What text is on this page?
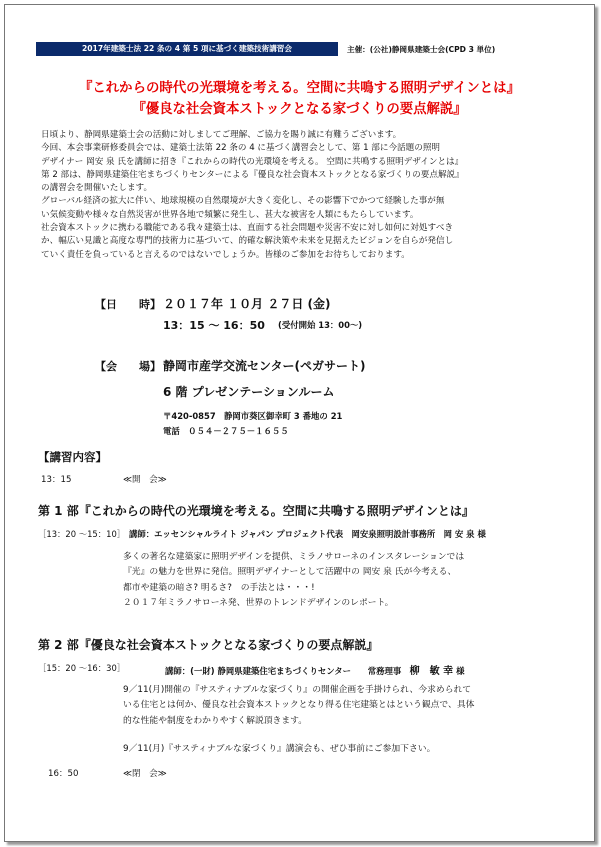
2017年建築士法 22 条の 4 第 5 項に基づく建築技術講習会	主催：(公社)静岡県建築士会(CPD 3 単位)
『これからの時代の光環境を考える。空間に共鳴する照明デザインとは』
『優良な社会資本ストックとなる家づくりの要点解説』
日頃より、静岡県建築士会の活動に対しましてご理解、ご協力を賜り誠に有難うございます。
今回、本会事業研修委員会では、建築士法第 22 条の 4 に基づく講習会として、第 1 部に今話題の照明
デザイナー 岡安 泉 氏を講師に招き『これからの時代の光環境を考える。 空間に共鳴する照明デザインとは』
第 2 部は、静岡県建築住宅まちづくりセンターによる『優良な社会資本ストックとなる家づくりの要点解説』
の講習会を開催いたします。
グローバル経済の拡大に伴い、地球規模の自然環境が大きく変化し、その影響下でかつて経験した事が無
い気候変動や様々な自然災害が世界各地で頻繁に発生し、甚大な被害を人類にもたらしています。
社会資本ストックに携わる職能である我々建築士は、直面する社会問題や災害不安に対し如何に対処すべき
か、幅広い見識と高度な専門的技術力に基づいて、的確な解決策や未来を見据えたビジョンを自らが発信し
ていく責任を負っていると言えるのではないでしょうか。皆様のご参加をお待ちしております。
【日　　時】 ２０１７年 １０月 ２７日 (金)
13：15 ～ 16：50 (受付開始 13：00～)
【会　　場】 静岡市産学交流センター(ペガサート)
6 階 プレゼンテーションルーム
〒420-0857　静岡市葵区御幸町 3 番地の 21
電話　０５４－２７５－１６５５
【講習内容】
13：15	≪開　会≫
第 1 部『これからの時代の光環境を考える。空間に共鳴する照明デザインとは』
［13：20 ～15：10］ 講師：エッセンシャルライト ジャパン プロジェクト代表　岡安泉照明設計事務所　岡 安 泉 様
多くの著名な建築家に照明デザインを提供、ミラノサローネのインスタレーションでは
『光』の魅力を世界に発信。照明デザイナーとして活躍中の 岡安 泉 氏が今考える、
都市や建築の暗さ? 明るさ?　の手法とは・・・!
２０１７年ミラノサローネ発、世界のトレンドデザインのレポート。
第 2 部『優良な社会資本ストックとなる家づくりの要点解説』
［15：20 ～16：30］	講師：(一財) 静岡県建築住宅まちづくりセンター　　常務理事　柳　敏 幸 様
9／11(月)開催の『サスティナブルな家づくり』の開催企画を手掛けられ、今求められて
いる住宅とは何か、優良な社会資本ストックとなり得る住宅建築とはという観点で、具体
的な性能や制度をわかりやすく解説頂きます。
9／11(月)『サスティナブルな家づくり』講演会も、ぜひ事前にご参加下さい。
16：50	≪閉　会≫
